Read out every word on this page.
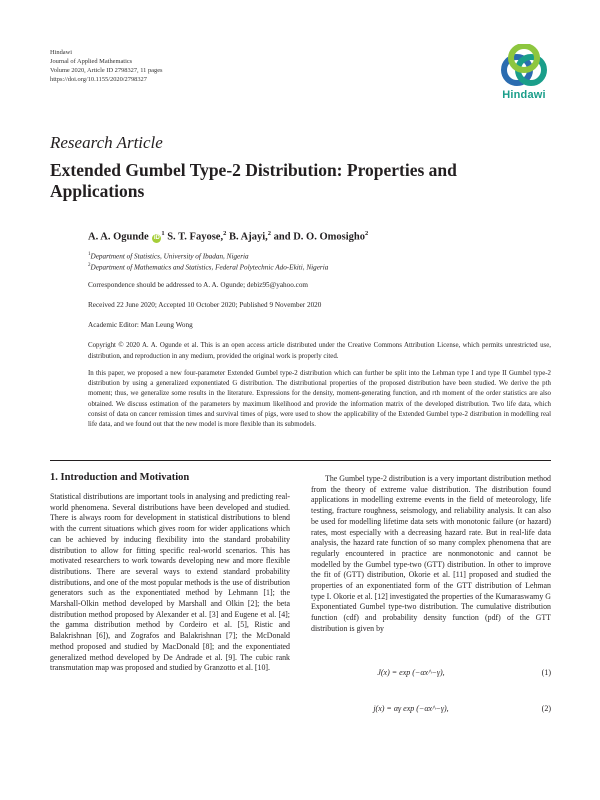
Hindawi
Journal of Applied Mathematics
Volume 2020, Article ID 2798327, 11 pages
https://doi.org/10.1155/2020/2798327
Hindawi
Research Article
Extended Gumbel Type-2 Distribution: Properties and Applications
A. A. Ogunde $iD^1$ S. T. Fayose,$^2$ B. Ajayi,$^2$ and D. O. Omosigho$^2$
$^1$Department of Statistics, University of Ibadan, Nigeria
$^2$Department of Mathematics and Statistics, Federal Polytechnic Ado-Ekiti, Nigeria
Correspondence should be addressed to A. A. Ogunde; debiz95@yahoo.com
Received 22 June 2020; Accepted 10 October 2020; Published 9 November 2020
Academic Editor: Man Leung Wong

Copyright © 2020 A. A. Ogunde et al. This is an open access article distributed under the Creative Commons Attribution License, which permits unrestricted use, distribution, and reproduction in any medium, provided the original work is properly cited.

In this paper, we proposed a new four-parameter Extended Gumbel type-2 distribution which can further be split into the Lehman type I and type II Gumbel type-2 distribution by using a generalized exponentiated G distribution. The distributional properties of the proposed distribution have been studied. We derive the pth moment; thus, we generalize some results in the literature. Expressions for the density, moment-generating function, and rth moment of the order statistics are also obtained. We discuss estimation of the parameters by maximum likelihood and provide the information matrix of the developed distribution. Two life data, which consist of data on cancer remission times and survival times of pigs, were used to show the applicability of the Extended Gumbel type-2 distribution in modelling real life data, and we found out that the new model is more flexible than its submodels.

1. Introduction and Motivation

Statistical distributions are important tools in analysing and predicting real-world phenomena. Several distributions have been developed and studied. There is always room for development in statistical distributions to blend with the current situations which gives room for wider applications which can be achieved by inducing flexibility into the standard probability distribution to allow for fitting specific real-world scenarios. This has motivated researchers to work towards developing new and more flexible distributions. There are several ways to extend standard probability distributions, and one of the most popular methods is the use of distribution generators such as the exponentiated method by Lehmann [1]; the Marshall-Olkin method developed by Marshall and Olkin [2]; the beta distribution method proposed by Alexander et al. [3] and Eugene et al. [4]; the gamma distribution method by Cordeiro et al. [5], Ristic and Balakrishnan [6]), and Zografos and Balakrishnan [7]; the McDonald method proposed and studied by MacDonald [8]; and the exponentiated generalized method developed by De Andrade et al. [9]. The cubic rank transmutation map was proposed and studied by Granzotto et al. [10].

The Gumbel type-2 distribution is a very important distribution method from the theory of extreme value distribution. The distribution found applications in modelling extreme events in the field of meteorology, life testing, fracture roughness, seismology, and reliability analysis. It can also be used for modelling lifetime data sets with monotonic failure (or hazard) rates, most especially with a decreasing hazard rate. But in real-life data analysis, the hazard rate function of so many complex phenomena that are regularly encountered in practice are nonmonotonic and cannot be modelled by the Gumbel type-two (GTT) distribution. In other to improve the fit of (GTT) distribution, Okorie et al. [11] proposed and studied the properties of an exponentiated form of the GTT distribution of Lehman type I. Okorie et al. [12] investigated the properties of the Kumaraswamy G Exponentiated Gumbel type-two distribution. The cumulative distribution function (cdf) and probability density function (pdf) of the GTT distribution is given by

J(x) = exp (−αx^−γ),	(1)
j(x) = αγ exp (−αx^−γ),	(2)
